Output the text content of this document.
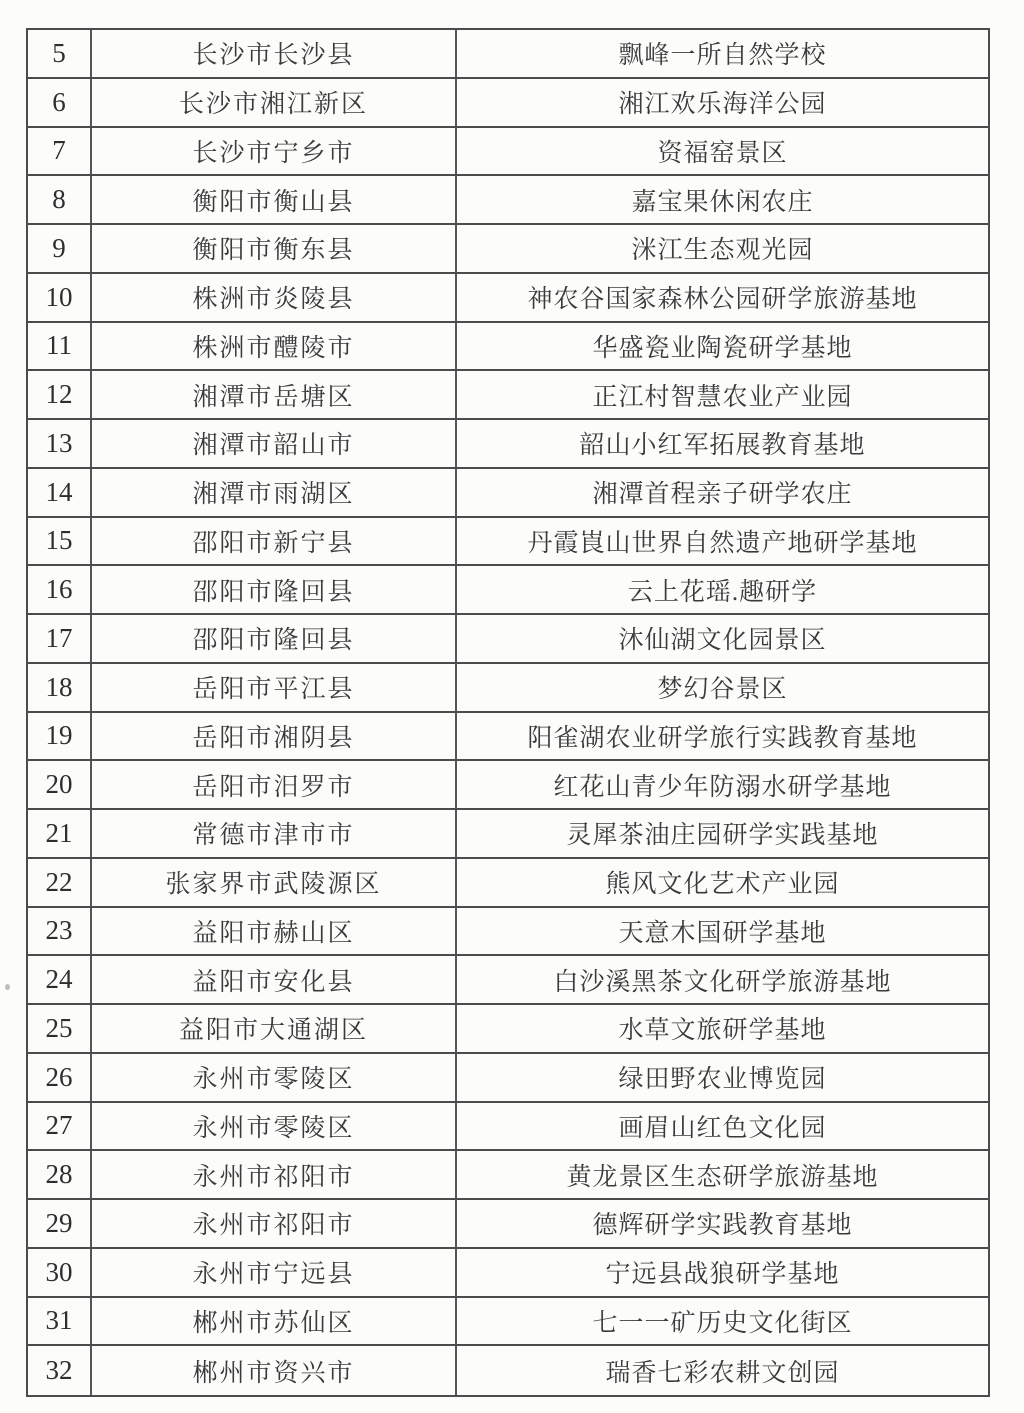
5	长沙市长沙县	飘峰一所自然学校
6	长沙市湘江新区	湘江欢乐海洋公园
7	长沙市宁乡市	资福窑景区
8	衡阳市衡山县	嘉宝果休闲农庄
9	衡阳市衡东县	洣江生态观光园
10	株洲市炎陵县	神农谷国家森林公园研学旅游基地
11	株洲市醴陵市	华盛瓷业陶瓷研学基地
12	湘潭市岳塘区	正江村智慧农业产业园
13	湘潭市韶山市	韶山小红军拓展教育基地
14	湘潭市雨湖区	湘潭首程亲子研学农庄
15	邵阳市新宁县	丹霞崀山世界自然遗产地研学基地
16	邵阳市隆回县	云上花瑶.趣研学
17	邵阳市隆回县	沐仙湖文化园景区
18	岳阳市平江县	梦幻谷景区
19	岳阳市湘阴县	阳雀湖农业研学旅行实践教育基地
20	岳阳市汨罗市	红花山青少年防溺水研学基地
21	常德市津市市	灵犀茶油庄园研学实践基地
22	张家界市武陵源区	熊风文化艺术产业园
23	益阳市赫山区	天意木国研学基地
24	益阳市安化县	白沙溪黑茶文化研学旅游基地
25	益阳市大通湖区	水草文旅研学基地
26	永州市零陵区	绿田野农业博览园
27	永州市零陵区	画眉山红色文化园
28	永州市祁阳市	黄龙景区生态研学旅游基地
29	永州市祁阳市	德辉研学实践教育基地
30	永州市宁远县	宁远县战狼研学基地
31	郴州市苏仙区	七一一矿历史文化街区
32	郴州市资兴市	瑞香七彩农耕文创园
